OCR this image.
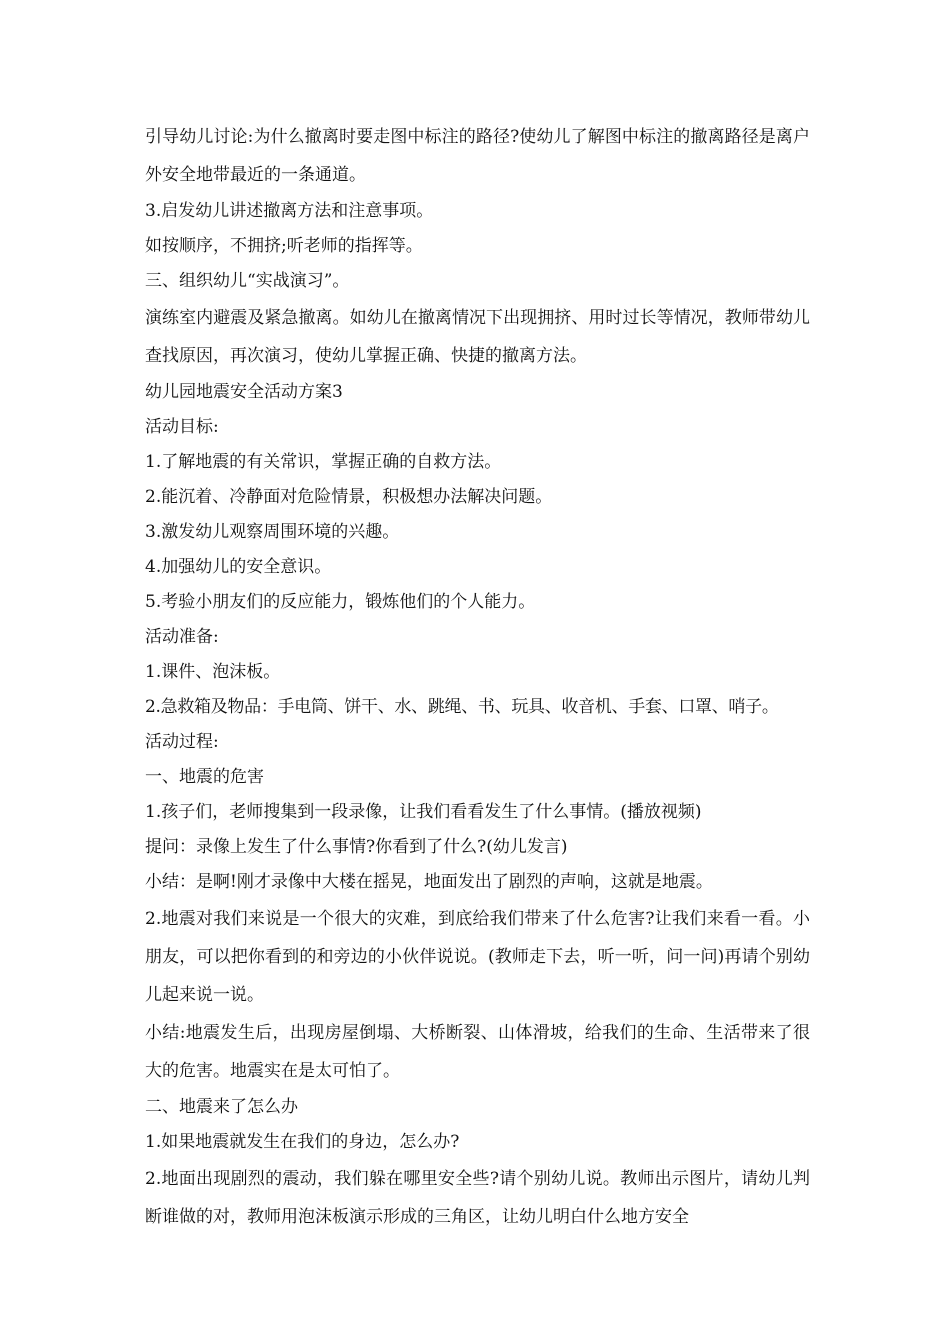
引导幼儿讨论:为什么撤离时要走图中标注的路径?使幼儿了解图中标注的撤离路径是离户外安全地带最近的一条通道。

3.启发幼儿讲述撤离方法和注意事项。

如按顺序，不拥挤;听老师的指挥等。

三、组织幼儿“实战演习”。

演练室内避震及紧急撤离。如幼儿在撤离情况下出现拥挤、用时过长等情况，教师带幼儿查找原因，再次演习，使幼儿掌握正确、快捷的撤离方法。

幼儿园地震安全活动方案3

活动目标:

1.了解地震的有关常识，掌握正确的自救方法。

2.能沉着、冷静面对危险情景，积极想办法解决问题。

3.激发幼儿观察周围环境的兴趣。

4.加强幼儿的安全意识。

5.考验小朋友们的反应能力，锻炼他们的个人能力。

活动准备:

1.课件、泡沫板。

2.急救箱及物品：手电筒、饼干、水、跳绳、书、玩具、收音机、手套、口罩、哨子。

活动过程:

一、地震的危害

1.孩子们，老师搜集到一段录像，让我们看看发生了什么事情。(播放视频)

提问：录像上发生了什么事情?你看到了什么?(幼儿发言)

小结：是啊!刚才录像中大楼在摇晃，地面发出了剧烈的声响，这就是地震。

2.地震对我们来说是一个很大的灾难，到底给我们带来了什么危害?让我们来看一看。小朋友，可以把你看到的和旁边的小伙伴说说。(教师走下去，听一听，问一问)再请个别幼儿起来说一说。

小结:地震发生后，出现房屋倒塌、大桥断裂、山体滑坡，给我们的生命、生活带来了很大的危害。地震实在是太可怕了。

二、地震来了怎么办

1.如果地震就发生在我们的身边，怎么办?

2.地面出现剧烈的震动，我们躲在哪里安全些?请个别幼儿说。教师出示图片，请幼儿判断谁做的对，教师用泡沫板演示形成的三角区，让幼儿明白什么地方安全
